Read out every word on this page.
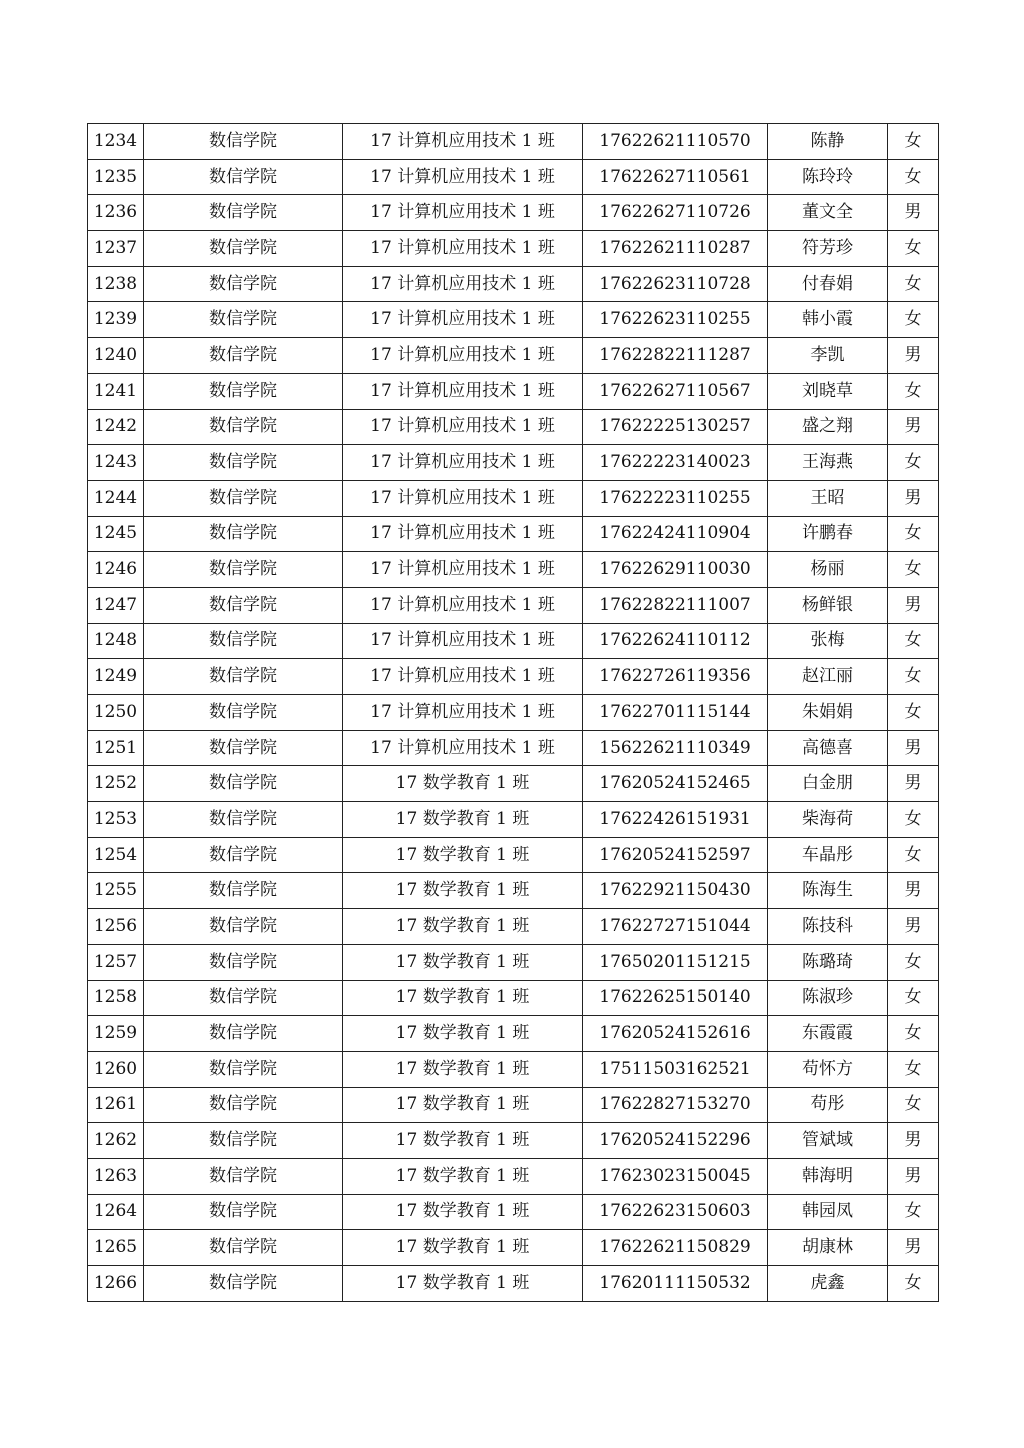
1234	数信学院	17 计算机应用技术 1 班	17622621110570	陈静	女
1235	数信学院	17 计算机应用技术 1 班	17622627110561	陈玲玲	女
1236	数信学院	17 计算机应用技术 1 班	17622627110726	董文全	男
1237	数信学院	17 计算机应用技术 1 班	17622621110287	符芳珍	女
1238	数信学院	17 计算机应用技术 1 班	17622623110728	付春娟	女
1239	数信学院	17 计算机应用技术 1 班	17622623110255	韩小霞	女
1240	数信学院	17 计算机应用技术 1 班	17622822111287	李凯	男
1241	数信学院	17 计算机应用技术 1 班	17622627110567	刘晓草	女
1242	数信学院	17 计算机应用技术 1 班	17622225130257	盛之翔	男
1243	数信学院	17 计算机应用技术 1 班	17622223140023	王海燕	女
1244	数信学院	17 计算机应用技术 1 班	17622223110255	王昭	男
1245	数信学院	17 计算机应用技术 1 班	17622424110904	许鹏春	女
1246	数信学院	17 计算机应用技术 1 班	17622629110030	杨丽	女
1247	数信学院	17 计算机应用技术 1 班	17622822111007	杨鲜银	男
1248	数信学院	17 计算机应用技术 1 班	17622624110112	张梅	女
1249	数信学院	17 计算机应用技术 1 班	17622726119356	赵江丽	女
1250	数信学院	17 计算机应用技术 1 班	17622701115144	朱娟娟	女
1251	数信学院	17 计算机应用技术 1 班	15622621110349	高德喜	男
1252	数信学院	17 数学教育 1 班	17620524152465	白金朋	男
1253	数信学院	17 数学教育 1 班	17622426151931	柴海荷	女
1254	数信学院	17 数学教育 1 班	17620524152597	车晶彤	女
1255	数信学院	17 数学教育 1 班	17622921150430	陈海生	男
1256	数信学院	17 数学教育 1 班	17622727151044	陈技科	男
1257	数信学院	17 数学教育 1 班	17650201151215	陈璐琦	女
1258	数信学院	17 数学教育 1 班	17622625150140	陈淑珍	女
1259	数信学院	17 数学教育 1 班	17620524152616	东霞霞	女
1260	数信学院	17 数学教育 1 班	17511503162521	苟怀方	女
1261	数信学院	17 数学教育 1 班	17622827153270	苟彤	女
1262	数信学院	17 数学教育 1 班	17620524152296	管斌域	男
1263	数信学院	17 数学教育 1 班	17623023150045	韩海明	男
1264	数信学院	17 数学教育 1 班	17622623150603	韩园凤	女
1265	数信学院	17 数学教育 1 班	17622621150829	胡康林	男
1266	数信学院	17 数学教育 1 班	17620111150532	虎鑫	女
